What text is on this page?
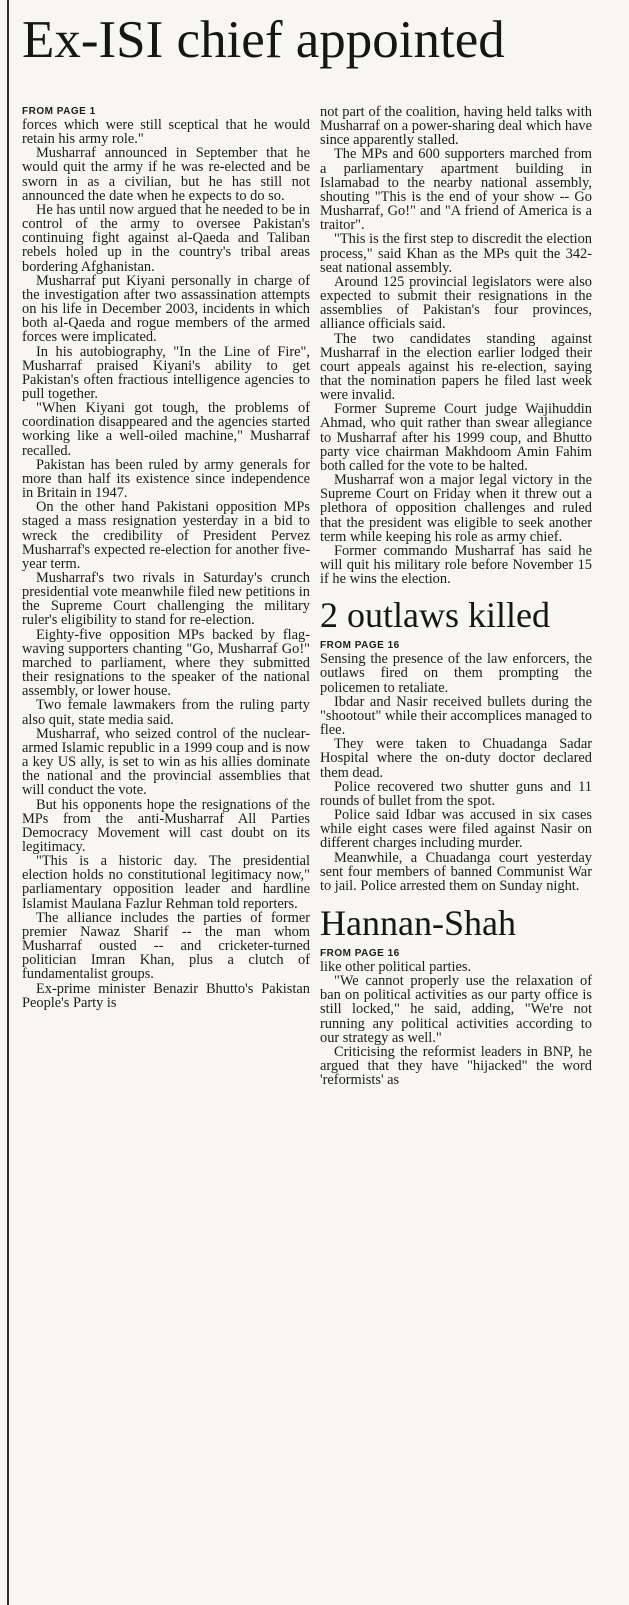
Ex-ISI chief appointed
FROM PAGE 1

forces which were still sceptical that he would retain his army role."

Musharraf announced in September that he would quit the army if he was re-elected and be sworn in as a civilian, but he has still not announced the date when he expects to do so.

He has until now argued that he needed to be in control of the army to oversee Pakistan's continuing fight against al-Qaeda and Taliban rebels holed up in the country's tribal areas bordering Afghanistan.

Musharraf put Kiyani personally in charge of the investigation after two assassination attempts on his life in December 2003, incidents in which both al-Qaeda and rogue members of the armed forces were implicated.

In his autobiography, "In the Line of Fire", Musharraf praised Kiyani's ability to get Pakistan's often fractious intelligence agencies to pull together.

"When Kiyani got tough, the problems of coordination disappeared and the agencies started working like a well-oiled machine," Musharraf recalled.

Pakistan has been ruled by army generals for more than half its existence since independence in Britain in 1947.

On the other hand Pakistani opposition MPs staged a mass resignation yesterday in a bid to wreck the credibility of President Pervez Musharraf's expected re-election for another five-year term.

Musharraf's two rivals in Saturday's crunch presidential vote meanwhile filed new petitions in the Supreme Court challenging the military ruler's eligibility to stand for re-election.

Eighty-five opposition MPs backed by flag-waving supporters chanting "Go, Musharraf Go!" marched to parliament, where they submitted their resignations to the speaker of the national assembly, or lower house.

Two female lawmakers from the ruling party also quit, state media said.

Musharraf, who seized control of the nuclear-armed Islamic republic in a 1999 coup and is now a key US ally, is set to win as his allies dominate the national and the provincial assemblies that will conduct the vote.

But his opponents hope the resignations of the MPs from the anti-Musharraf All Parties Democracy Movement will cast doubt on its legitimacy.

"This is a historic day. The presidential election holds no constitutional legitimacy now," parliamentary opposition leader and hardline Islamist Maulana Fazlur Rehman told reporters.

The alliance includes the parties of former premier Nawaz Sharif -- the man whom Musharraf ousted -- and cricketer-turned politician Imran Khan, plus a clutch of fundamentalist groups.

Ex-prime minister Benazir Bhutto's Pakistan People's Party is

not part of the coalition, having held talks with Musharraf on a power-sharing deal which have since apparently stalled.

The MPs and 600 supporters marched from a parliamentary apartment building in Islamabad to the nearby national assembly, shouting "This is the end of your show -- Go Musharraf, Go!" and "A friend of America is a traitor".

"This is the first step to discredit the election process," said Khan as the MPs quit the 342-seat national assembly.

Around 125 provincial legislators were also expected to submit their resignations in the assemblies of Pakistan's four provinces, alliance officials said.

The two candidates standing against Musharraf in the election earlier lodged their court appeals against his re-election, saying that the nomination papers he filed last week were invalid.

Former Supreme Court judge Wajihuddin Ahmad, who quit rather than swear allegiance to Musharraf after his 1999 coup, and Bhutto party vice chairman Makhdoom Amin Fahim both called for the vote to be halted.

Musharraf won a major legal victory in the Supreme Court on Friday when it threw out a plethora of opposition challenges and ruled that the president was eligible to seek another term while keeping his role as army chief.

Former commando Musharraf has said he will quit his military role before November 15 if he wins the election.

2 outlaws killed
FROM PAGE 16

Sensing the presence of the law enforcers, the outlaws fired on them prompting the policemen to retaliate.

Ibdar and Nasir received bullets during the "shootout" while their accomplices managed to flee.

They were taken to Chuadanga Sadar Hospital where the on-duty doctor declared them dead.

Police recovered two shutter guns and 11 rounds of bullet from the spot.

Police said Idbar was accused in six cases while eight cases were filed against Nasir on different charges including murder.

Meanwhile, a Chuadanga court yesterday sent four members of banned Communist War to jail. Police arrested them on Sunday night.

Hannan-Shah
FROM PAGE 16

like other political parties.

"We cannot properly use the relaxation of ban on political activities as our party office is still locked," he said, adding, "We're not running any political activities according to our strategy as well."

Criticising the reformist leaders in BNP, he argued that they have "hijacked" the word 'reformists' as
